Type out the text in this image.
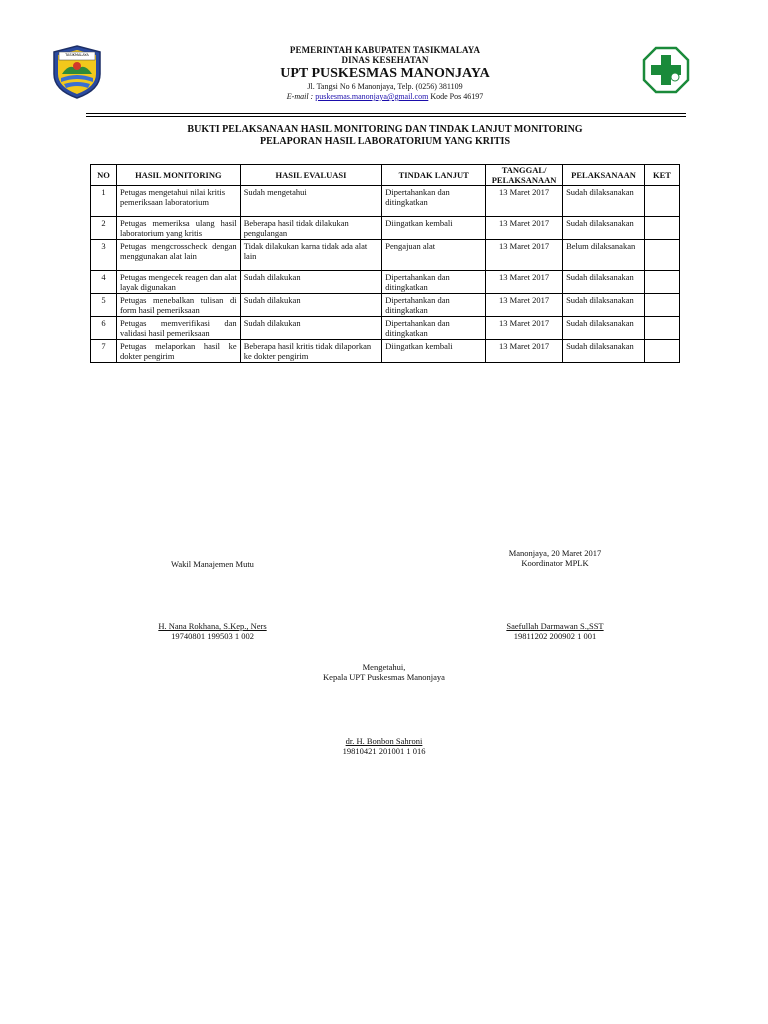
TASIKMALAYA	PEMERINTAH KABUPATEN TASIKMALAYA
DINAS KESEHATAN
UPT PUSKESMAS MANONJAYA
Jl. Tangsi No 6 Manonjaya, Telp. (0256) 381109
E-mail : puskesmas.manonjaya@gmail.com Kode Pos 46197
BUKTI PELAKSANAAN HASIL MONITORING DAN TINDAK LANJUT MONITORING
PELAPORAN HASIL LABORATORIUM YANG KRITIS
NO	HASIL MONITORING	HASIL EVALUASI	TINDAK LANJUT	TANGGAL/ PELAKSANAAN	PELAKSANAAN	KET
1	Petugas mengetahui nilai kritis pemeriksaan laboratorium	Sudah mengetahui	Dipertahankan dan ditingkatkan	13 Maret 2017	Sudah dilaksanakan	
2	Petugas memeriksa ulang hasil laboratorium yang kritis	Beberapa hasil tidak dilakukan pengulangan	Diingatkan kembali	13 Maret 2017	Sudah dilaksanakan	
3	Petugas mengcrosscheck dengan menggunakan alat lain	Tidak dilakukan karna tidak ada alat lain	Pengajuan alat	13 Maret 2017	Belum dilaksanakan	
4	Petugas mengecek reagen dan alat layak digunakan	Sudah dilakukan	Dipertahankan dan ditingkatkan	13 Maret 2017	Sudah dilaksanakan	
5	Petugas menebalkan tulisan di form hasil pemeriksaan	Sudah dilakukan	Dipertahankan dan ditingkatkan	13 Maret 2017	Sudah dilaksanakan	
6	Petugas memverifikasi dan validasi hasil pemeriksaan	Sudah dilakukan	Dipertahankan dan ditingkatkan	13 Maret 2017	Sudah dilaksanakan	
7	Petugas melaporkan hasil ke dokter pengirim	Beberapa hasil kritis tidak dilaporkan ke dokter pengirim	Diingatkan kembali	13 Maret 2017	Sudah dilaksanakan	
Manonjaya, 20 Maret 2017
Koordinator MPLK
Wakil Manajemen Mutu
H. Nana Rokhana, S.Kep., Ners
19740801 199503 1 002
Saefullah Darmawan S.,SST
19811202 200902 1 001
Mengetahui,
Kepala UPT Puskesmas Manonjaya
dr. H. Bonbon Sahroni
19810421 201001 1 016
